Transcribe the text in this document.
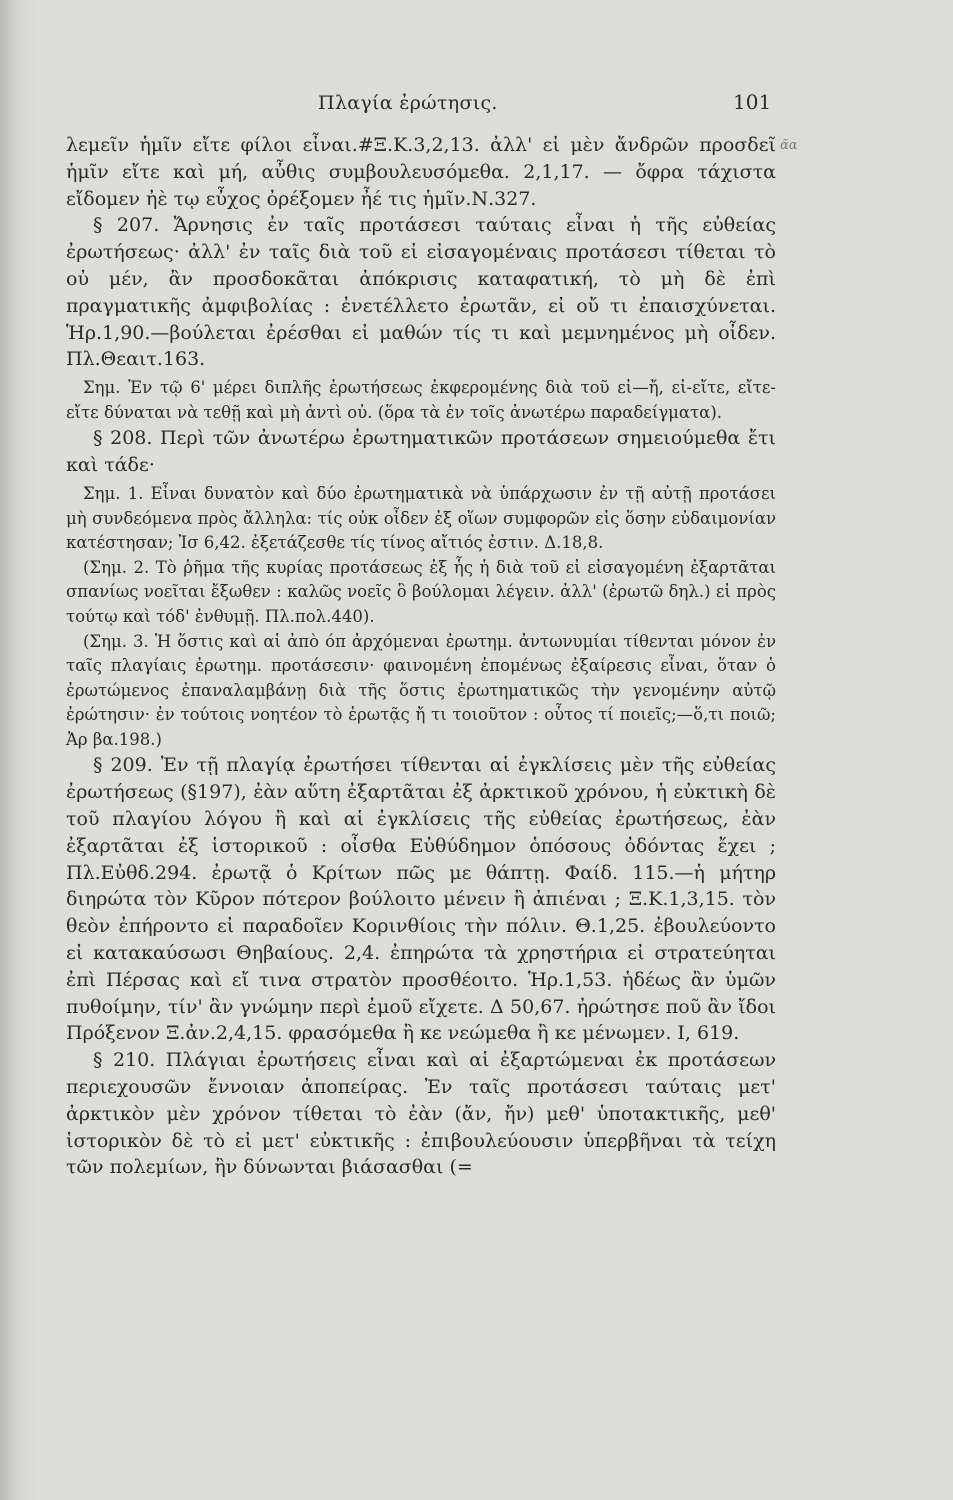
Πλαγία ἐρώτησις.	101
ᾶα

λεμεῖν ἡμῖν εἴτε φίλοι εἶναι.#Ξ.Κ.3,2,13. ἀλλ' εἰ μὲν ἄνδρῶν προσδεῖ ἡμῖν εἴτε καὶ μή, αὖθις συμβουλευσόμεθα. 2,1,17. — ὄφρα τάχιστα εἴδομεν ἠὲ τῳ εὖχος ὀρέξομεν ἦέ τις ἡμῖν.Ν.327.

§ 207. Ἄρνησις ἐν ταῖς προτάσεσι ταύταις εἶναι ἡ τῆς εὐθείας ἐρωτήσεως· ἀλλ' ἐν ταῖς διὰ τοῦ εἰ εἰσαγομέναις προτάσεσι τίθεται τὸ οὐ μέν, ἂν προσδοκᾶται ἀπόκρισις καταφατική, τὸ μὴ δὲ ἐπὶ πραγματικῆς ἀμφιβολίας : ἐνετέλλετο ἐρωτᾶν, εἰ οὔ τι ἐπαισχύνεται. Ἡρ.1,90.—βούλεται ἐρέσθαι εἰ μαθών τίς τι καὶ μεμνημένος μὴ οἶδεν. Πλ.Θεαιτ.163.

Σημ. Ἐν τῷ 6' μέρει διπλῆς ἐρωτήσεως ἐκφερομένης διὰ τοῦ εἰ—ἤ, εἰ-εἴτε, εἴτε-εἴτε δύναται νὰ τεθῇ καὶ μὴ ἀντὶ οὐ. (ὅρα τὰ ἐν τοῖς ἀνωτέρω παραδείγματα).

§ 208. Περὶ τῶν ἀνωτέρω ἐρωτηματικῶν προτάσεων σημειούμεθα ἔτι καὶ τάδε·

Σημ. 1. Εἶναι δυνατὸν καὶ δύο ἐρωτηματικὰ νὰ ὑπάρχωσιν ἐν τῇ αὐτῇ προτάσει μὴ συνδεόμενα πρὸς ἄλληλα: τίς οὐκ οἶδεν ἐξ οἵων συμφορῶν εἰς ὅσην εὐδαιμονίαν κατέστησαν; Ἰσ 6,42. ἐξετάζεσθε τίς τίνος αἴτιός ἐστιν. Δ.18,8.

(Σημ. 2. Τὸ ῥῆμα τῆς κυρίας προτάσεως ἐξ ἧς ἡ διὰ τοῦ εἰ εἰσαγομένη ἐξαρτᾶται σπανίως νοεῖται ἔξωθεν : καλῶς νοεῖς ὃ βούλομαι λέγειν. ἀλλ' (ἐρωτῶ δηλ.) εἰ πρὸς τούτῳ καὶ τόδ' ἐνθυμῇ. Πλ.πολ.440).

(Σημ. 3. Ἡ ὅστις καὶ αἱ ἀπὸ όπ ἀρχόμεναι ἐρωτημ. ἀντωνυμίαι τίθενται μόνον ἐν ταῖς πλαγίαις ἐρωτημ. προτάσεσιν· φαινομένη ἑπομένως ἐξαίρεσις εἶναι, ὅταν ὁ ἐρωτώμενος ἐπαναλαμβάνῃ διὰ τῆς ὅστις ἐρωτηματικῶς τὴν γενομένην αὐτῷ ἐρώτησιν· ἐν τούτοις νοητέον τὸ ἐρωτᾷς ἤ τι τοιοῦτον : οὗτος τί ποιεῖς;—ὅ,τι ποιῶ; Ἀρ βα.198.)

§ 209. Ἐν τῇ πλαγίᾳ ἐρωτήσει τίθενται αἱ ἐγκλίσεις μὲν τῆς εὐθείας ἐρωτήσεως (§197), ἐὰν αὕτη ἐξαρτᾶται ἐξ ἀρκτικοῦ χρόνου, ἡ εὐκτικὴ δὲ τοῦ πλαγίου λόγου ἢ καὶ αἱ ἐγκλίσεις τῆς εὐθείας ἐρωτήσεως, ἐὰν ἐξαρτᾶται ἐξ ἱστορικοῦ : οἶσθα Εὐθύδημον ὁπόσους ὀδόντας ἔχει ; Πλ.Εὐθδ.294. ἐρωτᾷ ὁ Κρίτων πῶς με θάπτῃ. Φαίδ. 115.—ἡ μήτηρ διηρώτα τὸν Κῦρον πότερον βούλοιτο μένειν ἢ ἀπιέναι ; Ξ.Κ.1,3,15. τὸν θεὸν ἐπήροντο εἰ παραδοῖεν Κορινθίοις τὴν πόλιν. Θ.1,25. ἐβουλεύοντο εἰ κατακαύσωσι Θηβαίους. 2,4. ἐπηρώτα τὰ χρηστήρια εἰ στρατεύηται ἐπὶ Πέρσας καὶ εἴ τινα στρατὸν προσθέοιτο. Ἡρ.1,53. ἡδέως ἂν ὑμῶν πυθοίμην, τίν' ἂν γνώμην περὶ ἐμοῦ εἴχετε. Δ 50,67. ἠρώτησε ποῦ ἂν ἴδοι Πρόξενον Ξ.ἀν.2,4,15. φρασόμεθα ἢ κε νεώμεθα ἢ κε μένωμεν. Ι, 619.

§ 210. Πλάγιαι ἐρωτήσεις εἶναι καὶ αἱ ἐξαρτώμεναι ἐκ προτάσεων περιεχουσῶν ἔννοιαν ἀποπείρας. Ἐν ταῖς προτάσεσι ταύταις μετ' ἀρκτικὸν μὲν χρόνον τίθεται τὸ ἐὰν (ἄν, ἤν) μεθ' ὑποτακτικῆς, μεθ' ἱστορικὸν δὲ τὸ εἰ μετ' εὐκτικῆς : ἐπιβουλεύουσιν ὑπερβῆναι τὰ τείχη τῶν πολεμίων, ἢν δύνωνται βιάσασθαι (=
